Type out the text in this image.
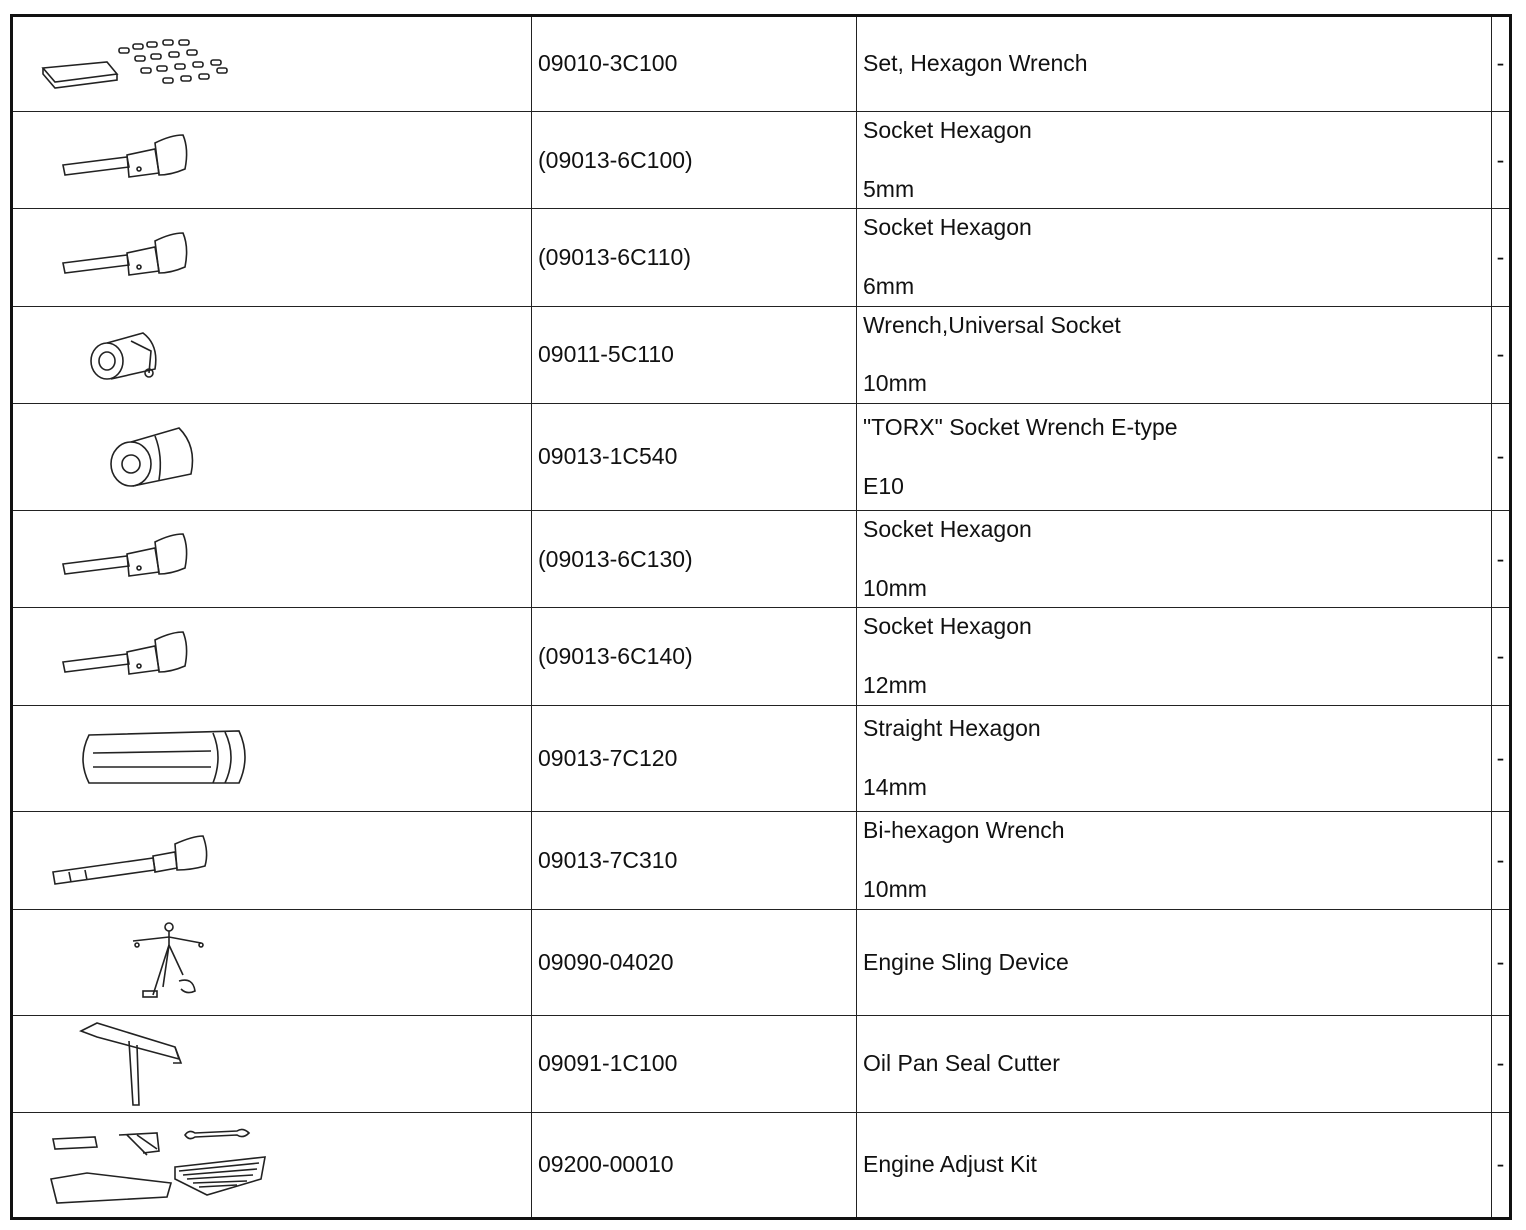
	09010-3C100	Set, Hexagon Wrench	-

	(09013-6C100)	Socket Hexagon
5mm	-

	(09013-6C110)	Socket Hexagon
6mm	-

	09011-5C110	Wrench,Universal Socket
10mm	-

	09013-1C540	"TORX" Socket Wrench E-type
E10	-

	(09013-6C130)	Socket Hexagon
10mm	-

	(09013-6C140)	Socket Hexagon
12mm	-

	09013-7C120	Straight Hexagon
14mm	-

	09013-7C310	Bi-hexagon Wrench
10mm	-

	09090-04020	Engine Sling Device	-

	09091-1C100	Oil Pan Seal Cutter	-

	09200-00010	Engine Adjust Kit	-
